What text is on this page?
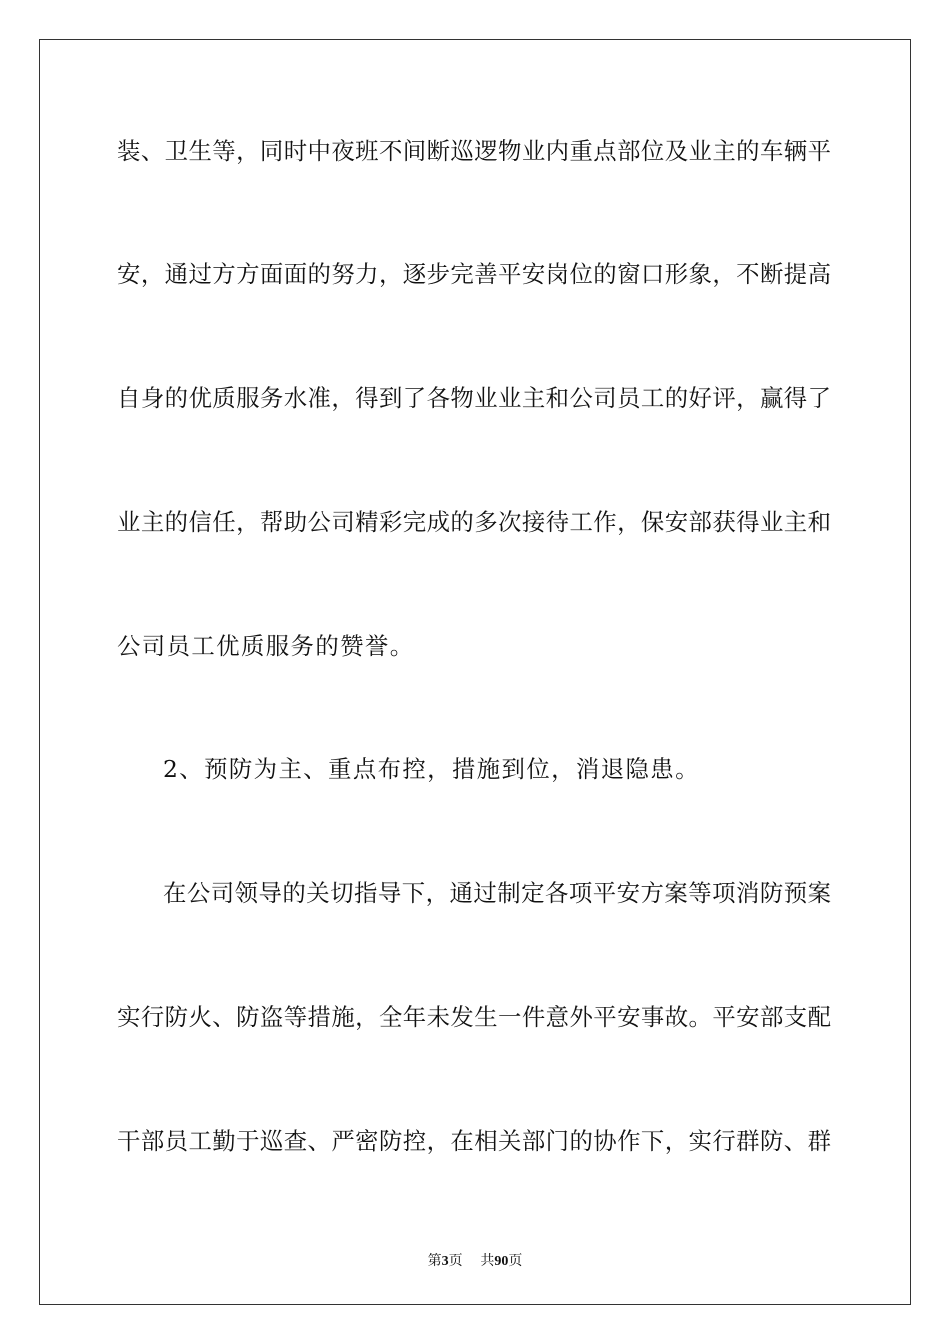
装、卫生等，同时中夜班不间断巡逻物业内重点部位及业主的车辆平

安，通过方方面面的努力，逐步完善平安岗位的窗口形象，不断提高

自身的优质服务水准，得到了各物业业主和公司员工的好评，赢得了

业主的信任，帮助公司精彩完成的多次接待工作，保安部获得业主和

公司员工优质服务的赞誉。

2、预防为主、重点布控，措施到位，消退隐患。

在公司领导的关切指导下，通过制定各项平安方案等项消防预案

实行防火、防盗等措施，全年未发生一件意外平安事故。平安部支配

干部员工勤于巡查、严密防控，在相关部门的协作下，实行群防、群

第3页 共90页
